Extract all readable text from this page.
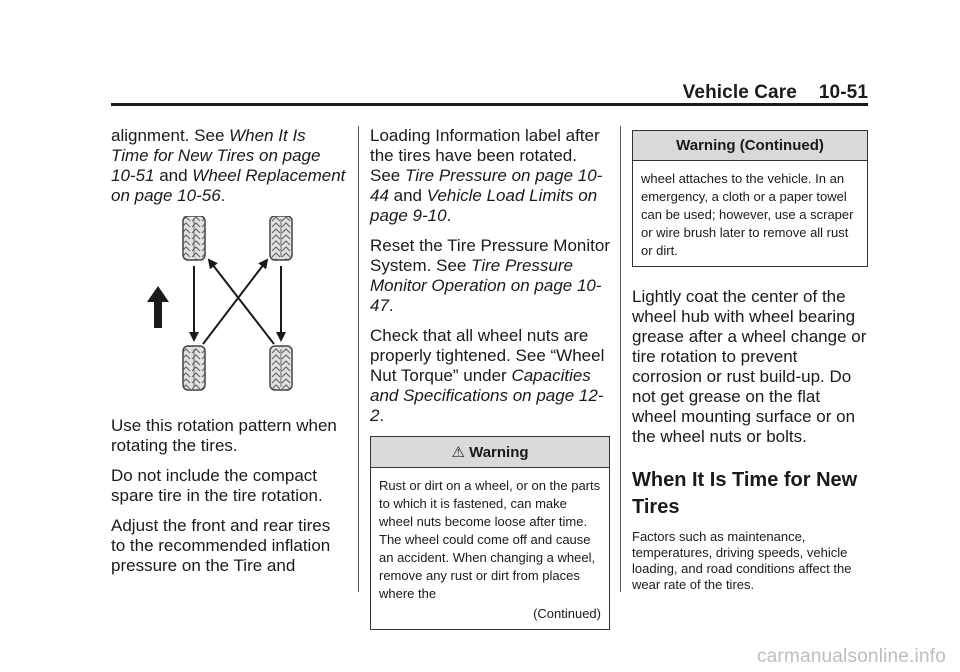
Vehicle Care 10-51

alignment. See When It Is Time for New Tires on page 10-51 and Wheel Replacement on page 10-56.

Use this rotation pattern when rotating the tires.

Do not include the compact spare tire in the tire rotation.

Adjust the front and rear tires to the recommended inflation pressure on the Tire and

Loading Information label after the tires have been rotated. See Tire Pressure on page 10-44 and Vehicle Load Limits on page 9-10.

Reset the Tire Pressure Monitor System. See Tire Pressure Monitor Operation on page 10-47.

Check that all wheel nuts are properly tightened. See “Wheel Nut Torque” under Capacities and Specifications on page 12-2.

⚠ Warning
Rust or dirt on a wheel, or on the parts to which it is fastened, can make wheel nuts become loose after time. The wheel could come off and cause an accident. When changing a wheel, remove any rust or dirt from places where the
(Continued)
Warning (Continued)
wheel attaches to the vehicle. In an emergency, a cloth or a paper towel can be used; however, use a scraper or wire brush later to remove all rust or dirt.

Lightly coat the center of the wheel hub with wheel bearing grease after a wheel change or tire rotation to prevent corrosion or rust build-up. Do not get grease on the flat wheel mounting surface or on the wheel nuts or bolts.

When It Is Time for New Tires

Factors such as maintenance, temperatures, driving speeds, vehicle loading, and road conditions affect the wear rate of the tires.

carmanualsonline.info
